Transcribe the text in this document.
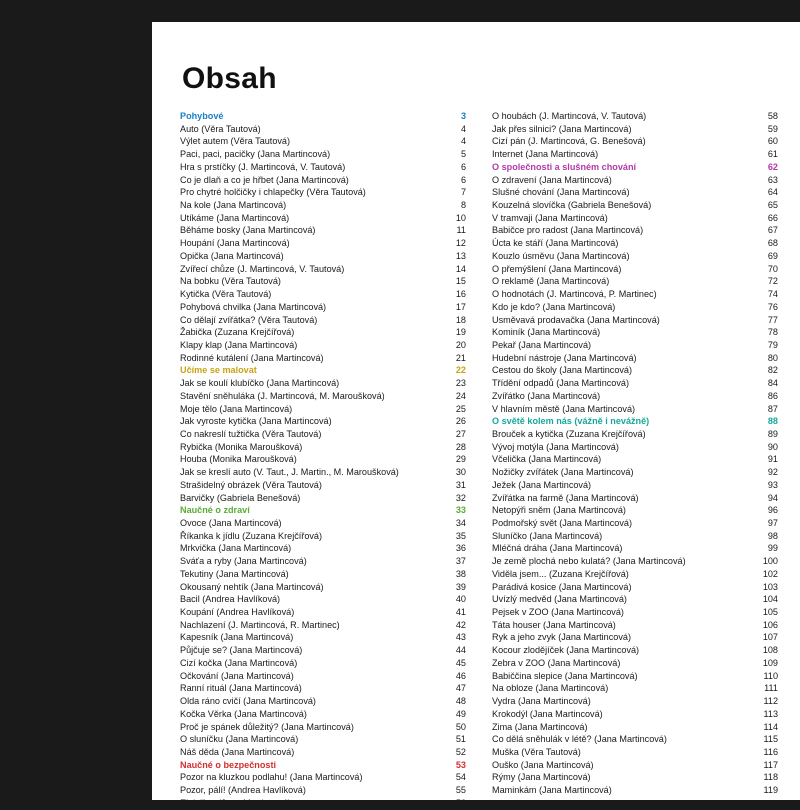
Obsah
Pohybové	3
Auto (Věra Tautová)	4
Výlet autem (Věra Tautová)	4
Paci, paci, pacičky (Jana Martincová)	5
Hra s prstíčky (J. Martincová, V. Tautová)	6
Co je dlaň a co je hřbet (Jana Martincová)	6
Pro chytré holčičky i chlapečky (Věra Tautová)	7
Na kole (Jana Martincová)	8
Utíkáme (Jana Martincová)	10
Běháme bosky (Jana Martincová)	11
Houpání (Jana Martincová)	12
Opička (Jana Martincová)	13
Zvířecí chůze (J. Martincová, V. Tautová)	14
Na bobku (Věra Tautová)	15
Kytička (Věra Tautová)	16
Pohybová chvilka (Jana Martincová)	17
Co dělají zvířátka? (Věra Tautová)	18
Žabička (Zuzana Krejčířová)	19
Klapy klap (Jana Martincová)	20
Rodinné kutálení (Jana Martincová)	21
Učíme se malovat	22
Jak se koulí klubíčko (Jana Martincová)	23
Stavění sněhuláka (J. Martincová, M. Maroušková)	24
Moje tělo (Jana Martincová)	25
Jak vyroste kytička (Jana Martincová)	26
Co nakreslí tužtička (Věra Tautová)	27
Rybička (Monika Maroušková)	28
Houba (Monika Maroušková)	29
Jak se kreslí auto (V. Taut., J. Martin., M. Maroušková)	30
Strašidelný obrázek (Věra Tautová)	31
Barvičky (Gabriela Benešová)	32
Naučné o zdraví	33
Ovoce (Jana Martincová)	34
Říkanka k jídlu (Zuzana Krejčířová)	35
Mrkvička (Jana Martincová)	36
Sváťa a ryby (Jana Martincová)	37
Tekutiny (Jana Martincová)	38
Okousaný nehtík (Jana Martincová)	39
Bacil (Andrea Havlíková)	40
Koupání (Andrea Havlíková)	41
Nachlazení (J. Martincová, R. Martinec)	42
Kapesník (Jana Martincová)	43
Půjčuje se? (Jana Martincová)	44
Cizí kočka (Jana Martincová)	45
Očkování (Jana Martincová)	46
Ranní rituál (Jana Martincová)	47
Olda ráno cvičí (Jana Martincová)	48
Kočka Věrka (Jana Martincová)	49
Proč je spánek důležitý? (Jana Martincová)	50
O sluníčku (Jana Martincová)	51
Náš děda (Jana Martincová)	52
Naučné o bezpečnosti	53
Pozor na kluzkou podlahu! (Jana Martincová)	54
Pozor, pálí! (Andrea Havlíková)	55
Elektřina (Jana Martincová)	56
O houbách (J. Martincová, V. Tautová)	58
Jak přes silnici? (Jana Martincová)	59
Cizí pán (J. Martincová, G. Benešová)	60
Internet (Jana Martincová)	61
O společnosti a slušném chování	62
O zdravení (Jana Martincová)	63
Slušné chování (Jana Martincová)	64
Kouzelná slovíčka (Gabriela Benešová)	65
V tramvaji (Jana Martincová)	66
Babičce pro radost (Jana Martincová)	67
Úcta ke stáří (Jana Martincová)	68
Kouzlo úsměvu (Jana Martincová)	69
O přemýšlení (Jana Martincová)	70
O reklamě (Jana Martincová)	72
O hodnotách (J. Martincová, P. Martinec)	74
Kdo je kdo? (Jana Martincová)	76
Usměvavá prodavačka (Jana Martincová)	77
Kominík (Jana Martincová)	78
Pekař (Jana Martincová)	79
Hudební nástroje (Jana Martincová)	80
Cestou do školy (Jana Martincová)	82
Třídění odpadů (Jana Martincová)	84
Zvířátko (Jana Martincová)	86
V hlavním městě (Jana Martincová)	87
O světě kolem nás (vážně i nevážně)	88
Brouček a kytička (Zuzana Krejčířová)	89
Vývoj motýla (Jana Martincová)	90
Včelička (Jana Martincová)	91
Nožičky zvířátek (Jana Martincová)	92
Ježek (Jana Martincová)	93
Zvířátka na farmě (Jana Martincová)	94
Netopýři sněm (Jana Martincová)	96
Podmořský svět (Jana Martincová)	97
Sluníčko (Jana Martincová)	98
Mléčná dráha (Jana Martincová)	99
Je země plochá nebo kulatá? (Jana Martincová)	100
Viděla jsem... (Zuzana Krejčířová)	102
Parádivá kosice (Jana Martincová)	103
Uvízlý medvěd (Jana Martincová)	104
Pejsek v ZOO (Jana Martincová)	105
Táta houser (Jana Martincová)	106
Ryk a jeho zvyk (Jana Martincová)	107
Kocour zlodějíček (Jana Martincová)	108
Zebra v ZOO (Jana Martincová)	109
Babiččina slepice (Jana Martincová)	110
Na obloze (Jana Martincová)	111
Vydra (Jana Martincová)	112
Krokodýl (Jana Martincová)	113
Zima (Jana Martincová)	114
Co dělá sněhulák v létě? (Jana Martincová)	115
Muška (Věra Tautová)	116
Ouško (Jana Martincová)	117
Rýmy (Jana Martincová)	118
Maminkám (Jana Martincová)	119
